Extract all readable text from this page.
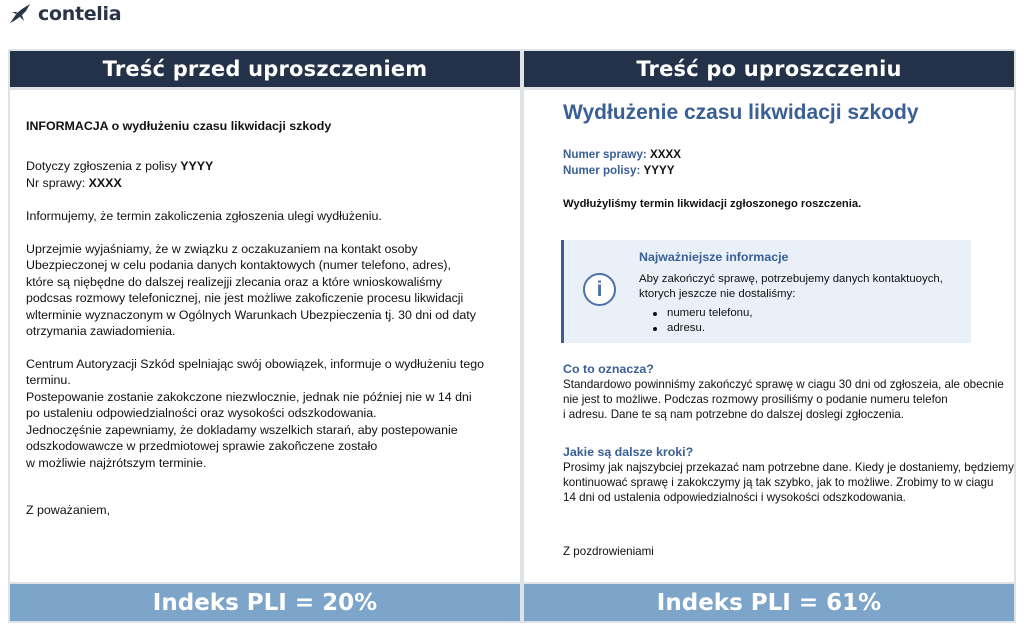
contelia
Treść przed uproszczeniem
INFORMACJA o wydłużeniu czasu likwidacji szkody
Dotyczy zgłoszenia z polisy YYYY
Nr sprawy: XXXX
Informujemy, że termin zakoliczenia zgłoszenia ulegi wydłużeniu.
Uprzejmie wyjaśniamy, że w związku z oczakuzaniem na kontakt osoby
Ubezpieczonej w celu podania danych kontaktowych (numer telefono, adres),
które są niębędne do dalszej realizejji zlecania oraz a które wnioskowaliśmy
podcsas rozmowy telefonicznej, nie jest możliwe zakoficzenie procesu likwidacji
wlterminie wyznaczonym w Ogólnych Warunkach Ubezpieczenia tj. 30 dni od daty
otrzymania zawiadomienia.
Centrum Autoryzacji Szkód spelniając swój obowiązek, informuje o wydłużeniu tego terminu.
Postepowanie zostanie zakokczone niezwlocznie, jednak nie później nie w 14 dni
po ustaleniu odpowiedzialności oraz wysokości odszkodowania.
Jednoczęśnie zapewniamy, że dokladamy wszelkich starań, aby postepowanie
odszkodowawcze w przedmiotowej sprawie zakoñczene zostało
w możliwie najżrótszym terminie.
Z poważaniem,
Indeks PLI = 20%
Treść po uproszczeniu
Wydłużenie czasu likwidacji szkody
Numer sprawy: XXXX
Numer polisy: YYYY
Wydłużyliśmy termin likwidacji zgłoszonego roszczenia.
i
Najważniejsze informacje
Aby zakończyć sprawę, potrzebujemy danych kontaktuoych, ktorych jeszcze nie dostaliśmy:
numeru telefonu,
adresu.
Co to oznacza?
Standardowo powinniśmy zakończyć sprawę w ciagu 30 dni od zgłoszeia, ale obecnie
nie jest to możliwe. Podczas rozmowy prosiliśmy o podanie numeru telefon
i adresu. Dane te są nam potrzebne do dalszej doslegi zgłoczenia.
Jakie są dalsze kroki?
Prosimy jak najszybciej przekazać nam potrzebne dane. Kiedy je dostaniemy, będziemy
kontinuować sprawę i zakokczymy ją tak szybko, jak to możliwe. Zrobimy to w ciagu
14 dni od ustalenia odpowiedzialności i wysokości odszkodowania.
Z pozdrowieniami
Indeks PLI = 61%
